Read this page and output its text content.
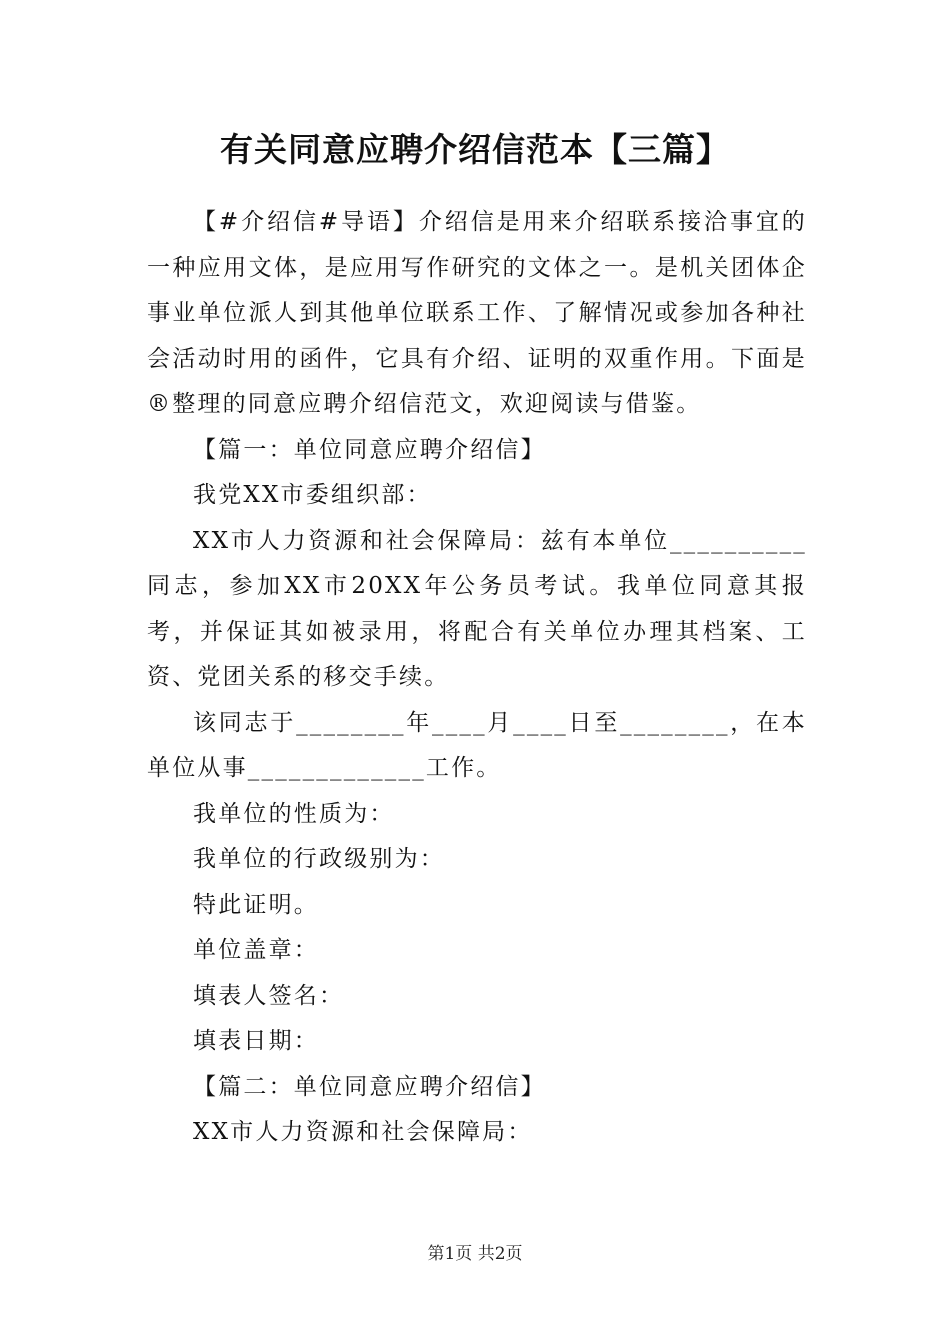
有关同意应聘介绍信范本【三篇】

【#介绍信#导语】介绍信是用来介绍联系接洽事宜的一种应用文体，是应用写作研究的文体之一。是机关团体企事业单位派人到其他单位联系工作、了解情况或参加各种社会活动时用的函件，它具有介绍、证明的双重作用。下面是®整理的同意应聘介绍信范文，欢迎阅读与借鉴。

【篇一：单位同意应聘介绍信】

我党XX市委组织部：

XX市人力资源和社会保障局：兹有本单位__________同志，参加XX市20XX年公务员考试。我单位同意其报考，并保证其如被录用，将配合有关单位办理其档案、工资、党团关系的移交手续。

该同志于________年____月____日至________，在本单位从事_____________工作。

我单位的性质为：

我单位的行政级别为：

特此证明。

单位盖章：

填表人签名：

填表日期：

【篇二：单位同意应聘介绍信】

XX市人力资源和社会保障局：

第1页 共2页
